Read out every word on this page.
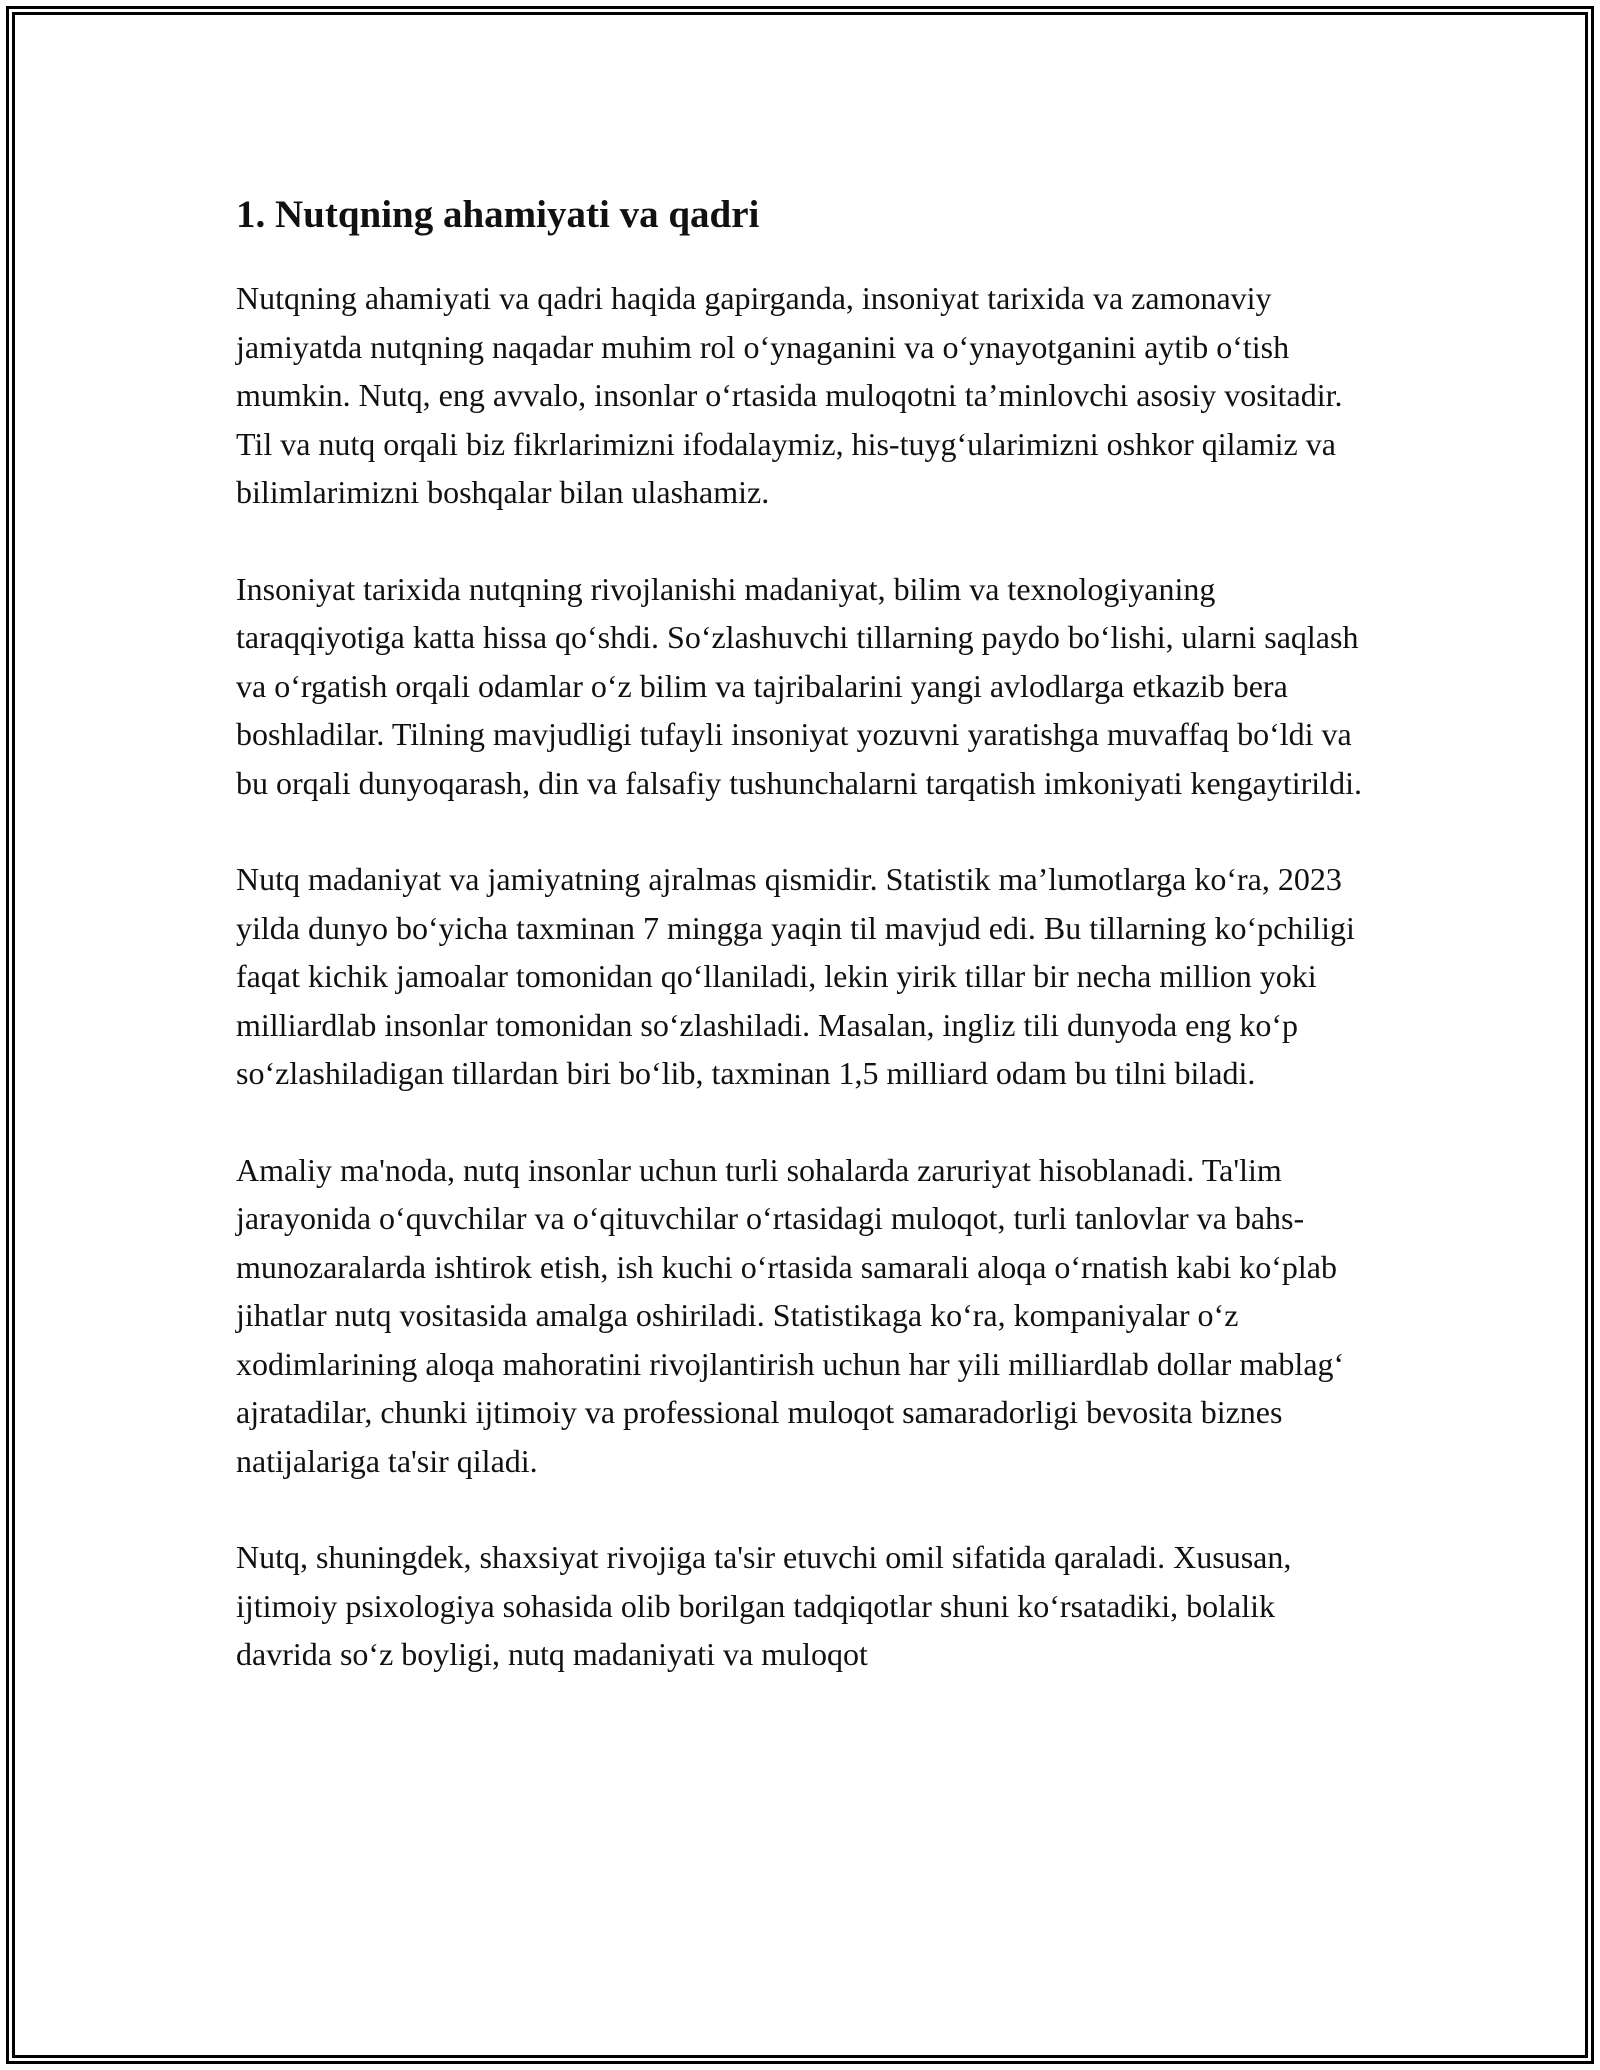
1. Nutqning ahamiyati va qadri

Nutqning ahamiyati va qadri haqida gapirganda, insoniyat tarixida va zamonaviy jamiyatda nutqning naqadar muhim rol oʻynaganini va oʻynayotganini aytib oʻtish mumkin. Nutq, eng avvalo, insonlar oʻrtasida muloqotni taʼminlovchi asosiy vositadir. Til va nutq orqali biz fikrlarimizni ifodalaymiz, his-tuygʻularimizni oshkor qilamiz va bilimlarimizni boshqalar bilan ulashamiz.

Insoniyat tarixida nutqning rivojlanishi madaniyat, bilim va texnologiyaning taraqqiyotiga katta hissa qoʻshdi. Soʻzlashuvchi tillarning paydo boʻlishi, ularni saqlash va oʻrgatish orqali odamlar oʻz bilim va tajribalarini yangi avlodlarga etkazib bera boshladilar. Tilning mavjudligi tufayli insoniyat yozuvni yaratishga muvaffaq boʻldi va bu orqali dunyoqarash, din va falsafiy tushunchalarni tarqatish imkoniyati kengaytirildi.

Nutq madaniyat va jamiyatning ajralmas qismidir. Statistik maʼlumotlarga koʻra, 2023 yilda dunyo boʻyicha taxminan 7 mingga yaqin til mavjud edi. Bu tillarning koʻpchiligi faqat kichik jamoalar tomonidan qoʻllaniladi, lekin yirik tillar bir necha million yoki milliardlab insonlar tomonidan soʻzlashiladi. Masalan, ingliz tili dunyoda eng koʻp soʻzlashiladigan tillardan biri boʻlib, taxminan 1,5 milliard odam bu tilni biladi.

Amaliy ma'noda, nutq insonlar uchun turli sohalarda zaruriyat hisoblanadi. Ta'lim jarayonida oʻquvchilar va oʻqituvchilar oʻrtasidagi muloqot, turli tanlovlar va bahs-munozaralarda ishtirok etish, ish kuchi oʻrtasida samarali aloqa oʻrnatish kabi koʻplab jihatlar nutq vositasida amalga oshiriladi. Statistikaga koʻra, kompaniyalar oʻz xodimlarining aloqa mahoratini rivojlantirish uchun har yili milliardlab dollar mablagʻ ajratadilar, chunki ijtimoiy va professional muloqot samaradorligi bevosita biznes natijalariga ta'sir qiladi.

Nutq, shuningdek, shaxsiyat rivojiga ta'sir etuvchi omil sifatida qaraladi. Xususan, ijtimoiy psixologiya sohasida olib borilgan tadqiqotlar shuni koʻrsatadiki, bolalik davrida soʻz boyligi, nutq madaniyati va muloqot
